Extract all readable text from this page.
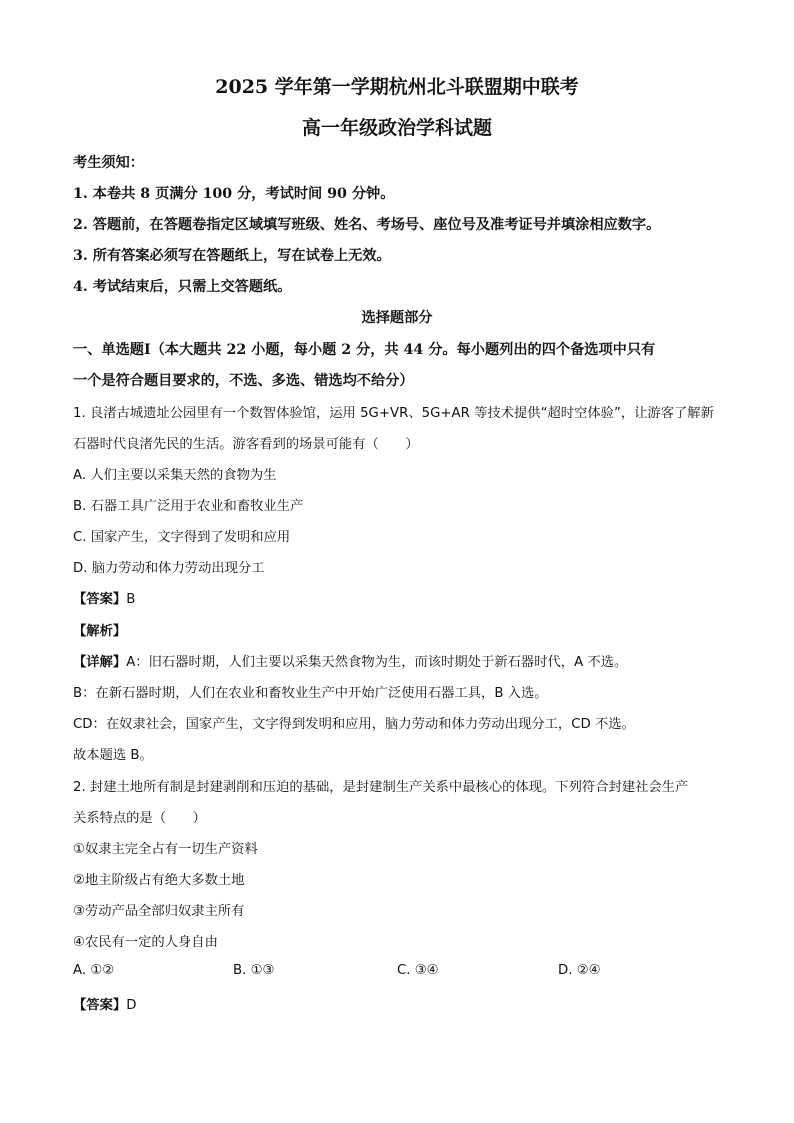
2025 学年第一学期杭州北斗联盟期中联考
高一年级政治学科试题
考生须知：
1. 本卷共 8 页满分 100 分，考试时间 90 分钟。
2. 答题前，在答题卷指定区域填写班级、姓名、考场号、座位号及准考证号并填涂相应数字。
3. 所有答案必须写在答题纸上，写在试卷上无效。
4. 考试结束后，只需上交答题纸。
选择题部分
一、单选题Ⅰ（本大题共 22 小题，每小题 2 分，共 44 分。每小题列出的四个备选项中只有
一个是符合题目要求的，不选、多选、错选均不给分）
1. 良渚古城遗址公园里有一个数智体验馆，运用 5G+VR、5G+AR 等技术提供“超时空体验”，让游客了解新
石器时代良渚先民的生活。游客看到的场景可能有（　　）
A. 人们主要以采集天然的食物为生
B. 石器工具广泛用于农业和畜牧业生产
C. 国家产生，文字得到了发明和应用
D. 脑力劳动和体力劳动出现分工
【答案】B
【解析】
【详解】A：旧石器时期，人们主要以采集天然食物为生，而该时期处于新石器时代，A 不选。
B：在新石器时期，人们在农业和畜牧业生产中开始广泛使用石器工具，B 入选。
CD：在奴隶社会，国家产生，文字得到发明和应用，脑力劳动和体力劳动出现分工，CD 不选。
故本题选 B。
2. 封建土地所有制是封建剥削和压迫的基础，是封建制生产关系中最核心的体现。下列符合封建社会生产
关系特点的是（　　）
①奴隶主完全占有一切生产资料
②地主阶级占有绝大多数土地
③劳动产品全部归奴隶主所有
④农民有一定的人身自由
A. ①②	B. ①③	C. ③④	D. ②④
【答案】D
